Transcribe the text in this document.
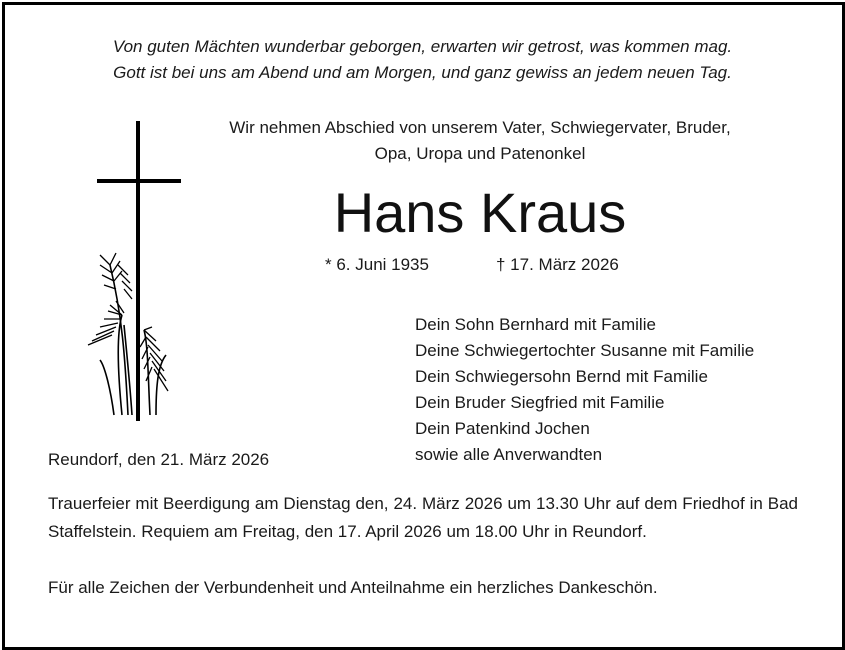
Von guten Mächten wunderbar geborgen, erwarten wir getrost, was kommen mag.
Gott ist bei uns am Abend und am Morgen, und ganz gewiss an jedem neuen Tag.
Wir nehmen Abschied von unserem Vater, Schwiegervater, Bruder,
Opa, Uropa und Patenonkel
Hans Kraus
* 6. Juni 1935	† 17. März 2026
Dein Sohn Bernhard mit Familie
Deine Schwiegertochter Susanne mit Familie
Dein Schwiegersohn Bernd mit Familie
Dein Bruder Siegfried mit Familie
Dein Patenkind Jochen
sowie alle Anverwandten
Reundorf, den 21. März 2026
Trauerfeier mit Beerdigung am Dienstag den, 24. März 2026 um 13.30 Uhr auf dem Friedhof in Bad Staffelstein. Requiem am Freitag, den 17. April 2026 um 18.00 Uhr in Reundorf.
Für alle Zeichen der Verbundenheit und Anteilnahme ein herzliches Dankeschön.
